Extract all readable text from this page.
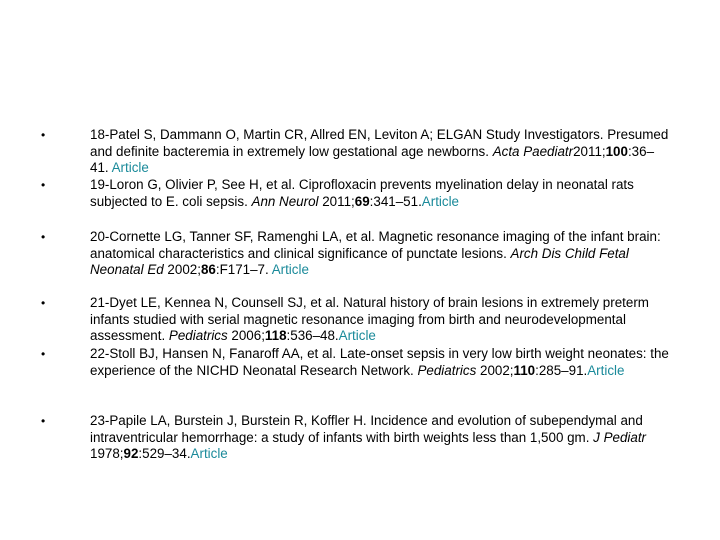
•	18-Patel S, Dammann O, Martin CR, Allred EN, Leviton A; ELGAN Study Investigators. Presumed and definite bacteremia in extremely low gestational age newborns. Acta Paediatr2011;100:36–41. Article
•	19-Loron G, Olivier P, See H, et al. Ciprofloxacin prevents myelination delay in neonatal rats subjected to E. coli sepsis. Ann Neurol 2011;69:341–51.Article
•	20-Cornette LG, Tanner SF, Ramenghi LA, et al. Magnetic resonance imaging of the infant brain: anatomical characteristics and clinical significance of punctate lesions. Arch Dis Child Fetal Neonatal Ed 2002;86:F171–7. Article
•	21-Dyet LE, Kennea N, Counsell SJ, et al. Natural history of brain lesions in extremely preterm infants studied with serial magnetic resonance imaging from birth and neurodevelopmental assessment. Pediatrics 2006;118:536–48.Article
•	22-Stoll BJ, Hansen N, Fanaroff AA, et al. Late-onset sepsis in very low birth weight neonates: the experience of the NICHD Neonatal Research Network. Pediatrics 2002;110:285–91.Article
•	23-Papile LA, Burstein J, Burstein R, Koffler H. Incidence and evolution of subependymal and intraventricular hemorrhage: a study of infants with birth weights less than 1,500 gm. J Pediatr 1978;92:529–34.Article
